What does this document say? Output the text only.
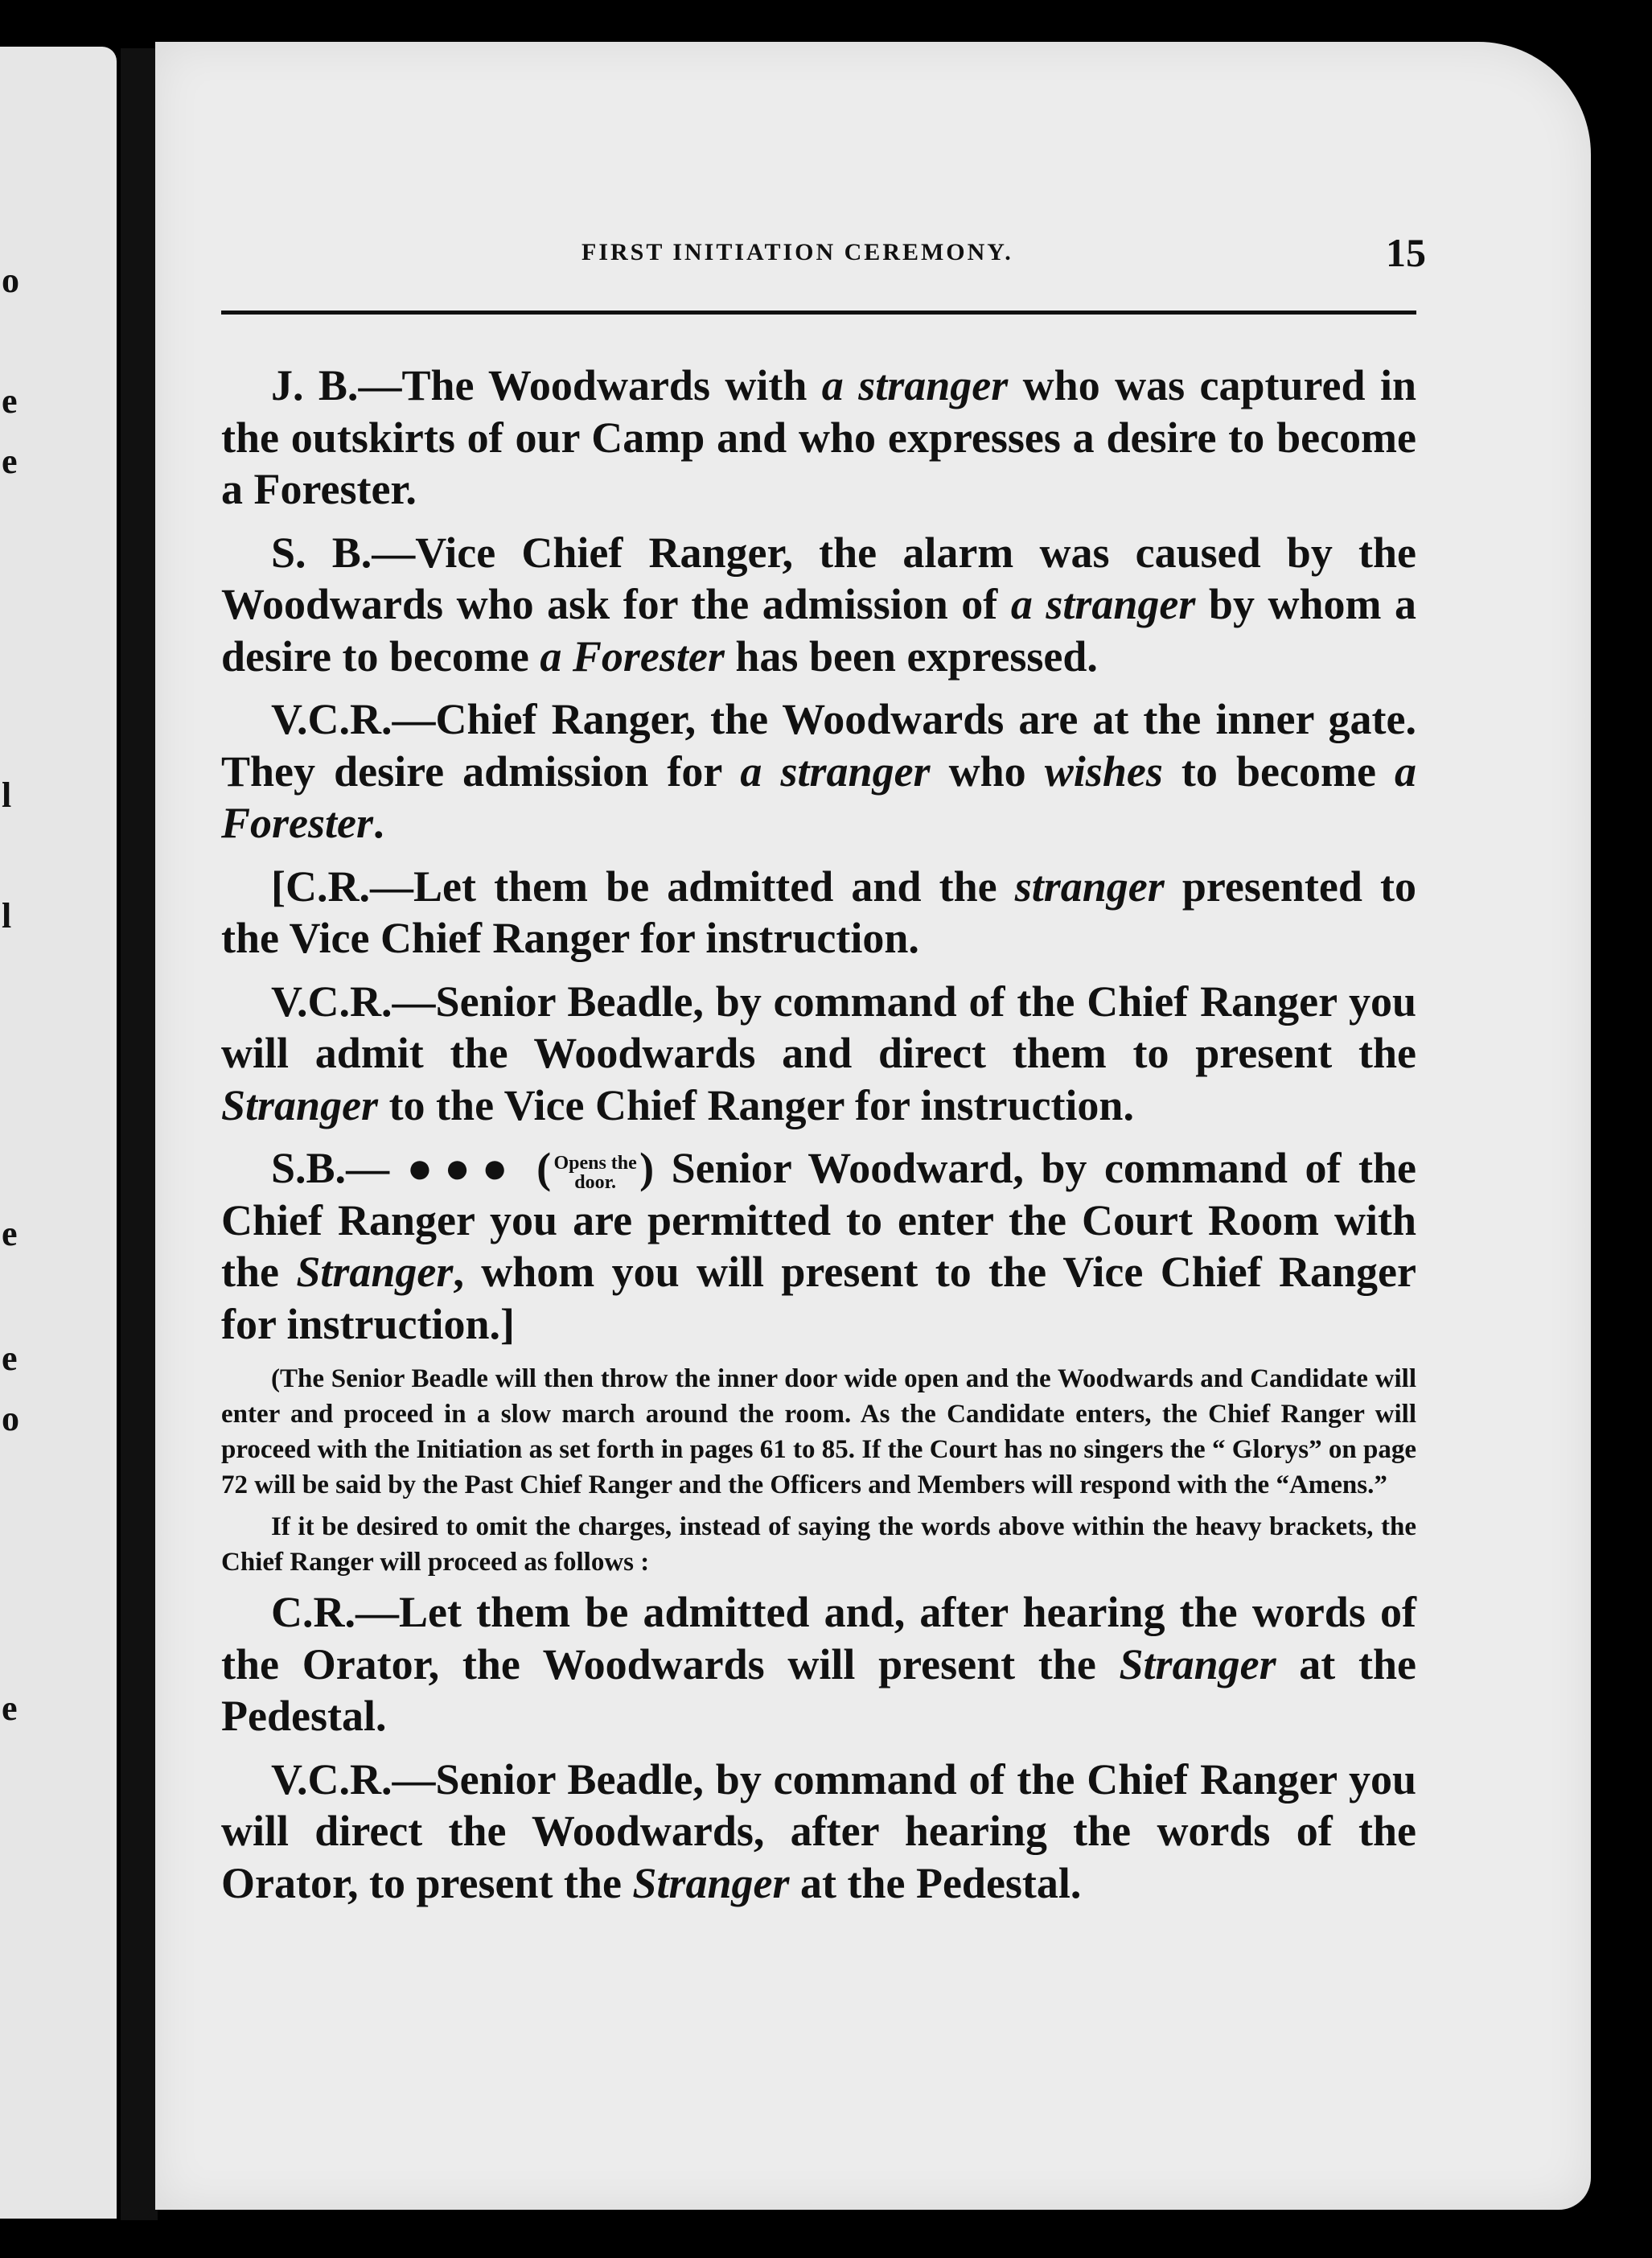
o
e
e
l
l
e
e
o
e
FIRST INITIATION CEREMONY.	15

J. B.—The Woodwards with a stranger who was captured in the outskirts of our Camp and who expresses a desire to become a Forester.

S. B.—Vice Chief Ranger, the alarm was caused by the Woodwards who ask for the admission of a stranger by whom a desire to become a Forester has been expressed.

V.C.R.—Chief Ranger, the Woodwards are at the inner gate. They desire admission for a stranger who wishes to become a Forester.

[C.R.—Let them be admitted and the stranger presented to the Vice Chief Ranger for instruction.

V.C.R.—Senior Beadle, by command of the Chief Ranger you will admit the Woodwards and direct them to present the Stranger to the Vice Chief Ranger for instruction.

S.B.— ●●● ( Opens the door. ) Senior Woodward, by command of the Chief Ranger you are permitted to enter the Court Room with the Stranger, whom you will present to the Vice Chief Ranger for instruction.]

(The Senior Beadle will then throw the inner door wide open and the Woodwards and Candidate will enter and proceed in a slow march around the room. As the Candidate enters, the Chief Ranger will proceed with the Initiation as set forth in pages 61 to 85. If the Court has no singers the “ Glorys” on page 72 will be said by the Past Chief Ranger and the Officers and Members will respond with the “Amens.”

If it be desired to omit the charges, instead of saying the words above within the heavy brackets, the Chief Ranger will proceed as follows :

C.R.—Let them be admitted and, after hearing the words of the Orator, the Woodwards will present the Stranger at the Pedestal.

V.C.R.—Senior Beadle, by command of the Chief Ranger you will direct the Woodwards, after hearing the words of the Orator, to present the Stranger at the Pedestal.
